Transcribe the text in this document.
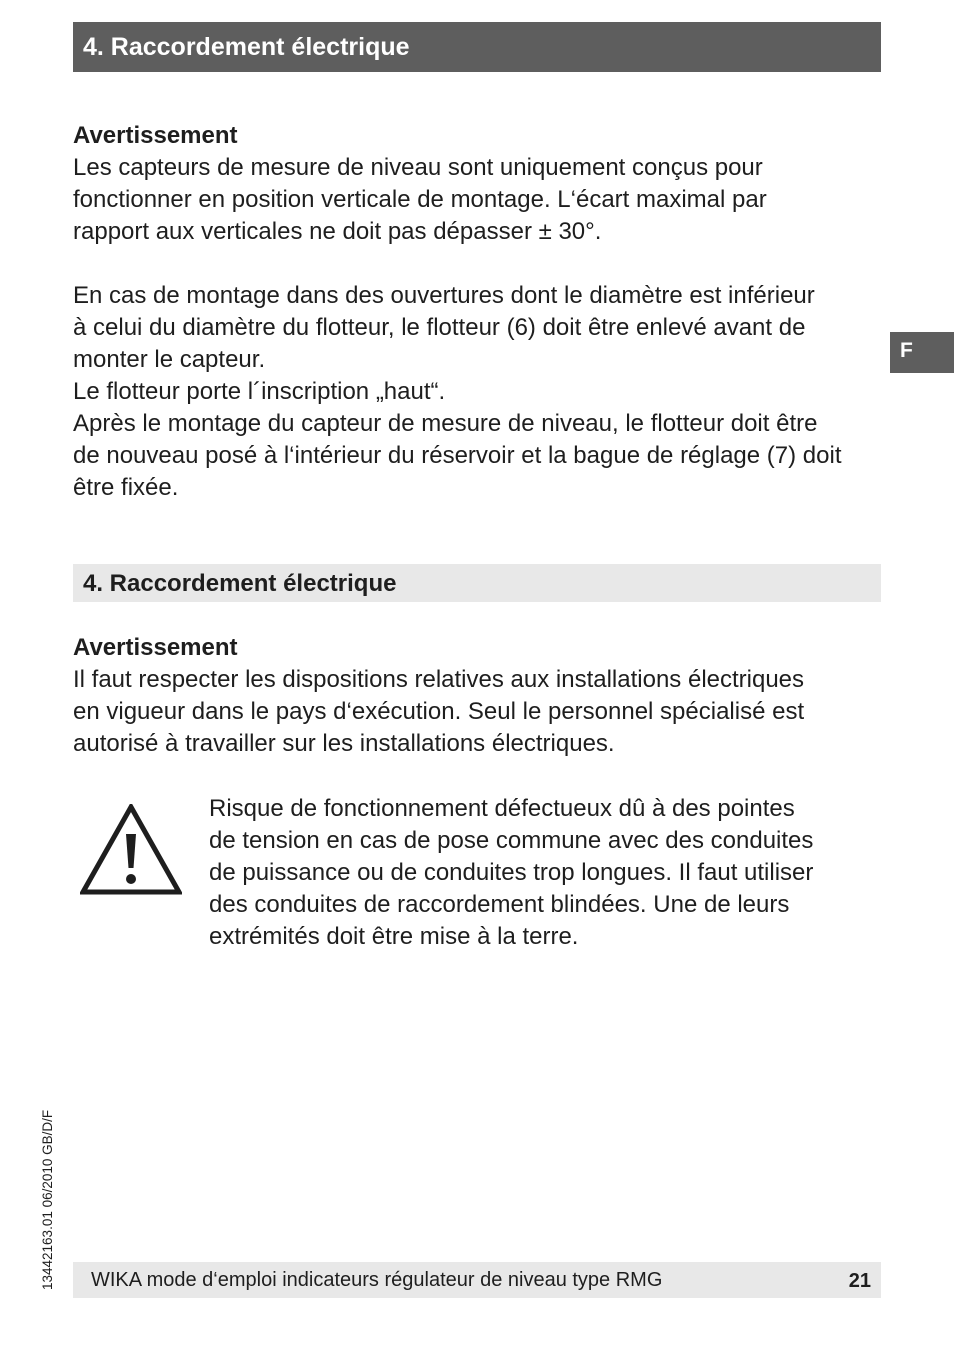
4. Raccordement électrique
F

Avertissement

Les capteurs de mesure de niveau sont uniquement conçus pour

fonctionner en position verticale de montage. L‘écart maximal par

rapport aux verticales ne doit pas dépasser ± 30°.

En cas de montage dans des ouvertures dont le diamètre est inférieur

à celui du diamètre du flotteur, le flotteur (6) doit être enlevé avant de

monter le capteur.

Le flotteur porte l´inscription „haut“.

Après le montage du capteur de mesure de niveau, le flotteur doit être

de nouveau posé à l‘intérieur du réservoir et la bague de réglage (7) doit

être fixée.

4. Raccordement électrique

Avertissement

Il faut respecter les dispositions relatives aux installations électriques

en vigueur dans le pays d‘exécution. Seul le personnel spécialisé est

autorisé à travailler sur les installations électriques.

Risque de fonctionnement défectueux dû à des pointes

de tension en cas de pose commune avec des conduites

de puissance ou de conduites trop longues. Il faut utiliser

des conduites de raccordement blindées. Une de leurs

extrémités doit être mise à la terre.

13442163.01 06/2010 GB/D/F WIKA mode d‘emploi indicateurs régulateur de niveau type RMG	21
